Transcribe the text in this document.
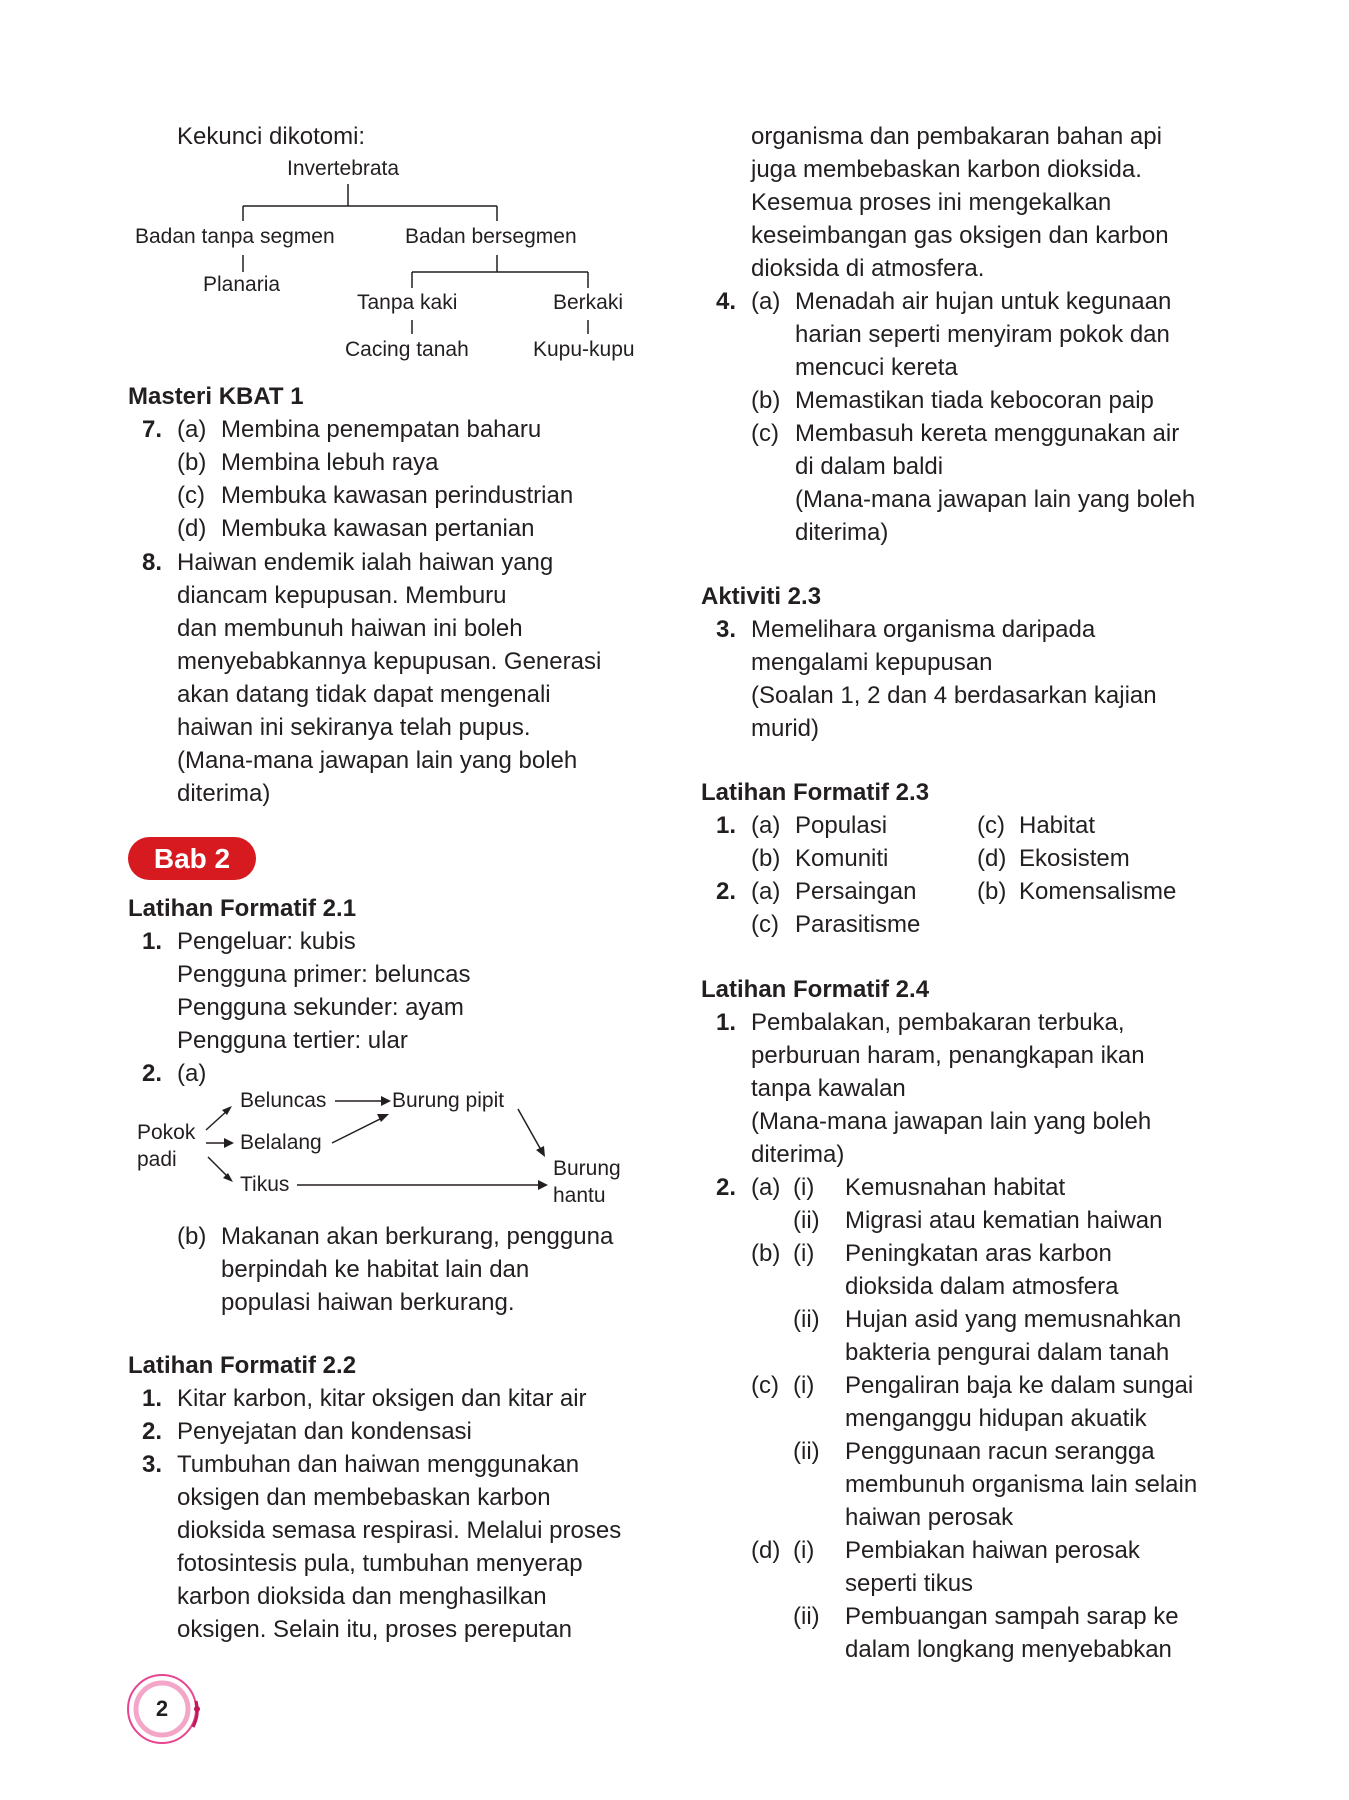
Kekunci dikotomi:
Invertebrata
Badan tanpa segmen
Planaria
Badan bersegmen
Tanpa kaki	Berkaki
Cacing tanah	Kupu-kupu
Masteri KBAT 1
7. (a) Membina penempatan baharu
(b) Membina lebuh raya
(c) Membuka kawasan perindustrian
(d) Membuka kawasan pertanian
8. Haiwan endemik ialah haiwan yang
diancam kepupusan. Memburu
dan membunuh haiwan ini boleh
menyebabkannya kepupusan. Generasi
akan datang tidak dapat mengenali
haiwan ini sekiranya telah pupus.
(Mana-mana jawapan lain yang boleh
diterima)
Bab 2
Latihan Formatif 2.1
1. Pengeluar: kubis
Pengguna primer: beluncas
Pengguna sekunder: ayam
Pengguna tertier: ular
2. (a)
Pokok
padi
Beluncas
Belalang
Tikus
Burung pipit
Burung
hantu
(b) Makanan akan berkurang, pengguna
berpindah ke habitat lain dan
populasi haiwan berkurang.
Latihan Formatif 2.2
1. Kitar karbon, kitar oksigen dan kitar air
2. Penyejatan dan kondensasi
3. Tumbuhan dan haiwan menggunakan
oksigen dan membebaskan karbon
dioksida semasa respirasi. Melalui proses
fotosintesis pula, tumbuhan menyerap
karbon dioksida dan menghasilkan
oksigen. Selain itu, proses pereputan
organisma dan pembakaran bahan api
juga membebaskan karbon dioksida.
Kesemua proses ini mengekalkan
keseimbangan gas oksigen dan karbon
dioksida di atmosfera.
4. (a) Menadah air hujan untuk kegunaan
harian seperti menyiram pokok dan
mencuci kereta
(b) Memastikan tiada kebocoran paip
(c) Membasuh kereta menggunakan air
di dalam baldi
(Mana-mana jawapan lain yang boleh
diterima)
Aktiviti 2.3
3. Memelihara organisma daripada
mengalami kepupusan
(Soalan 1, 2 dan 4 berdasarkan kajian
murid)
Latihan Formatif 2.3
1. (a) Populasi	(c) Habitat
(b) Komuniti	(d) Ekosistem
2. (a) Persaingan	(b) Komensalisme
(c) Parasitisme
Latihan Formatif 2.4
1. Pembalakan, pembakaran terbuka,
perburuan haram, penangkapan ikan
tanpa kawalan
(Mana-mana jawapan lain yang boleh
diterima)
2. (a) (i) Kemusnahan habitat
(ii) Migrasi atau kematian haiwan
(b) (i) Peningkatan aras karbon
dioksida dalam atmosfera
(ii) Hujan asid yang memusnahkan
bakteria pengurai dalam tanah
(c) (i) Pengaliran baja ke dalam sungai
menganggu hidupan akuatik
(ii) Penggunaan racun serangga
membunuh organisma lain selain
haiwan perosak
(d) (i) Pembiakan haiwan perosak
seperti tikus
(ii) Pembuangan sampah sarap ke
dalam longkang menyebabkan
2
